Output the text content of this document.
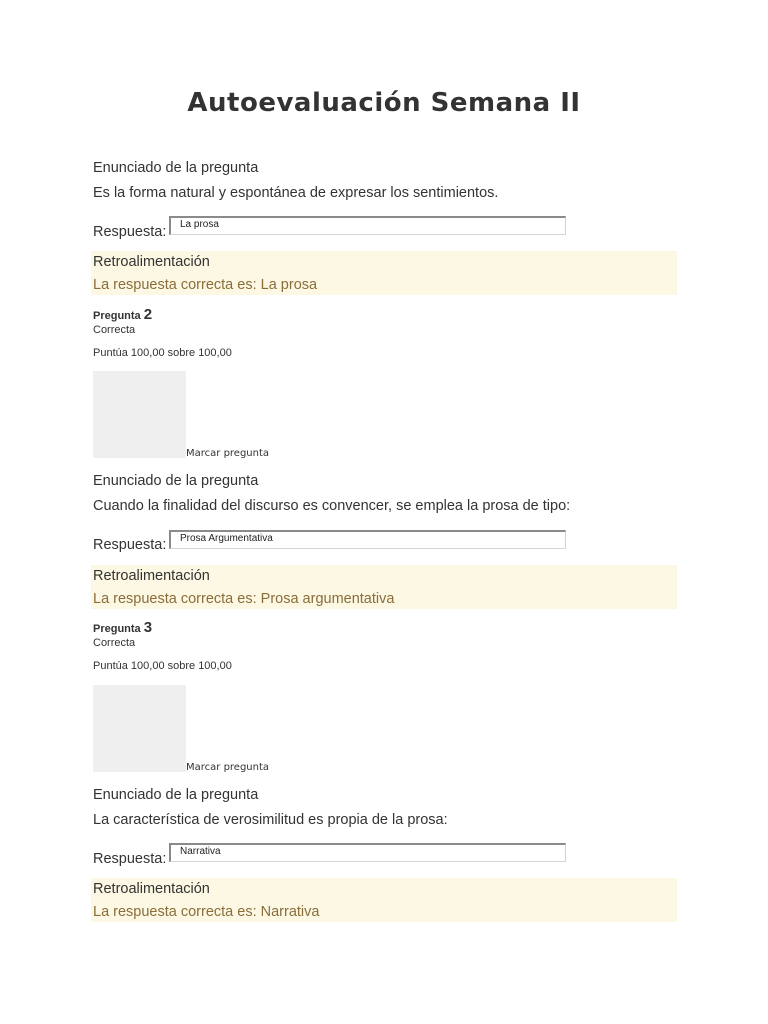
Autoevaluación Semana II
Enunciado de la pregunta
Es la forma natural y espontánea de expresar los sentimientos.
Respuesta:	La prosa
Retroalimentación
La respuesta correcta es: La prosa
Pregunta 2
Correcta
Puntúa 100,00 sobre 100,00
Marcar pregunta
Enunciado de la pregunta
Cuando la finalidad del discurso es convencer, se emplea la prosa de tipo:
Respuesta:	Prosa Argumentativa
Retroalimentación
La respuesta correcta es: Prosa argumentativa
Pregunta 3
Correcta
Puntúa 100,00 sobre 100,00
Marcar pregunta
Enunciado de la pregunta
La característica de verosimilitud es propia de la prosa:
Respuesta:	Narrativa
Retroalimentación
La respuesta correcta es: Narrativa
